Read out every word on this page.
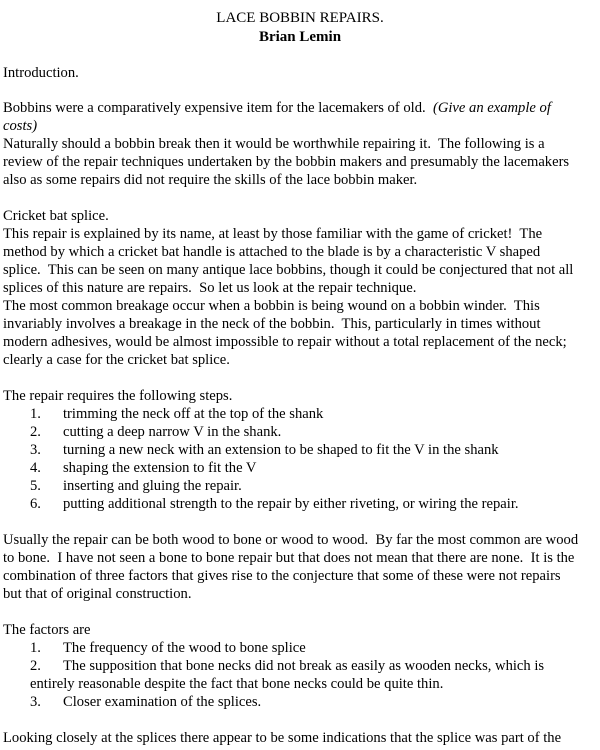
LACE BOBBIN REPAIRS.
Brian Lemin
Introduction.
Bobbins were a comparatively expensive item for the lacemakers of old. (Give an example of
costs)
Naturally should a bobbin break then it would be worthwhile repairing it.  The following is a
review of the repair techniques undertaken by the bobbin makers and presumably the lacemakers
also as some repairs did not require the skills of the lace bobbin maker.
Cricket bat splice.
This repair is explained by its name, at least by those familiar with the game of cricket!  The
method by which a cricket bat handle is attached to the blade is by a characteristic V shaped
splice.  This can be seen on many antique lace bobbins, though it could be conjectured that not all
splices of this nature are repairs.  So let us look at the repair technique.
The most common breakage occur when a bobbin is being wound on a bobbin winder.  This
invariably involves a breakage in the neck of the bobbin.  This, particularly in times without
modern adhesives, would be almost impossible to repair without a total replacement of the neck;
clearly a case for the cricket bat splice.
The repair requires the following steps.
1. trimming the neck off at the top of the shank
2. cutting a deep narrow V in the shank.
3. turning a new neck with an extension to be shaped to fit the V in the shank
4. shaping the extension to fit the V
5. inserting and gluing the repair.
6. putting additional strength to the repair by either riveting, or wiring the repair.
Usually the repair can be both wood to bone or wood to wood.  By far the most common are wood
to bone.  I have not seen a bone to bone repair but that does not mean that there are none.  It is the
combination of three factors that gives rise to the conjecture that some of these were not repairs
but that of original construction.
The factors are
1. The frequency of the wood to bone splice
2. The supposition that bone necks did not break as easily as wooden necks, which is
entirely reasonable despite the fact that bone necks could be quite thin.
3. Closer examination of the splices.
Looking closely at the splices there appear to be some indications that the splice was part of the
